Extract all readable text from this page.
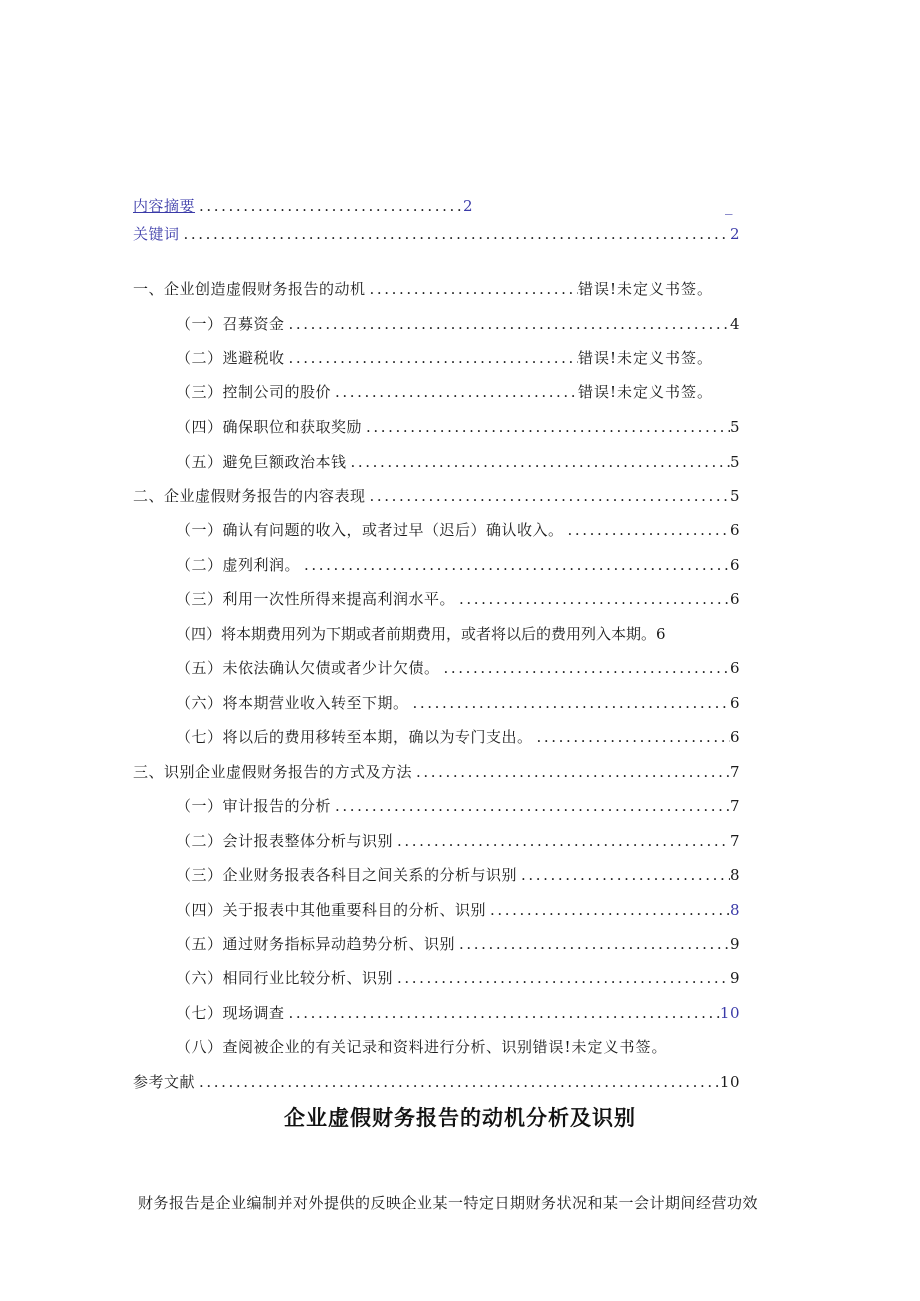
内容摘要 .....	2	_
关键词 .....	2
一、企业创造虚假财务报告的动机 .....	错误!未定义书签。
（一）召募资金 .....	4
（二）逃避税收 .....	错误!未定义书签。
（三）控制公司的股价 .....	错误!未定义书签。
（四）确保职位和获取奖励 .....	5
（五）避免巨额政治本钱 .....	5
二、企业虚假财务报告的内容表现 .....	5
（一）确认有问题的收入，或者过早（迟后）确认收入。 .....	6
（二）虚列利润。 .....	6
（三）利用一次性所得来提高利润水平。 .....	6
（四）将本期费用列为下期或者前期费用，或者将以后的费用列入本期。 6
（五）未依法确认欠债或者少计欠债。 .....	6
（六）将本期营业收入转至下期。 .....	6
（七）将以后的费用移转至本期，确以为专门支出。 .....	6
三、识别企业虚假财务报告的方式及方法 .....	7
（一）审计报告的分析 .....	7
（二）会计报表整体分析与识别 .....	7
（三）企业财务报表各科目之间关系的分析与识别 .....	8
（四）关于报表中其他重要科目的分析、识别 .....	8
（五）通过财务指标异动趋势分析、识别 .....	9
（六）相同行业比较分析、识别 .....	9
（七）现场调查 .....	10
（八）查阅被企业的有关记录和资料进行分析、识别 错误!未定义书签。
参考文献 .....	10
企业虚假财务报告的动机分析及识别
财务报告是企业编制并对外提供的反映企业某一特定日期财务状况和某一会计期间经营功效
